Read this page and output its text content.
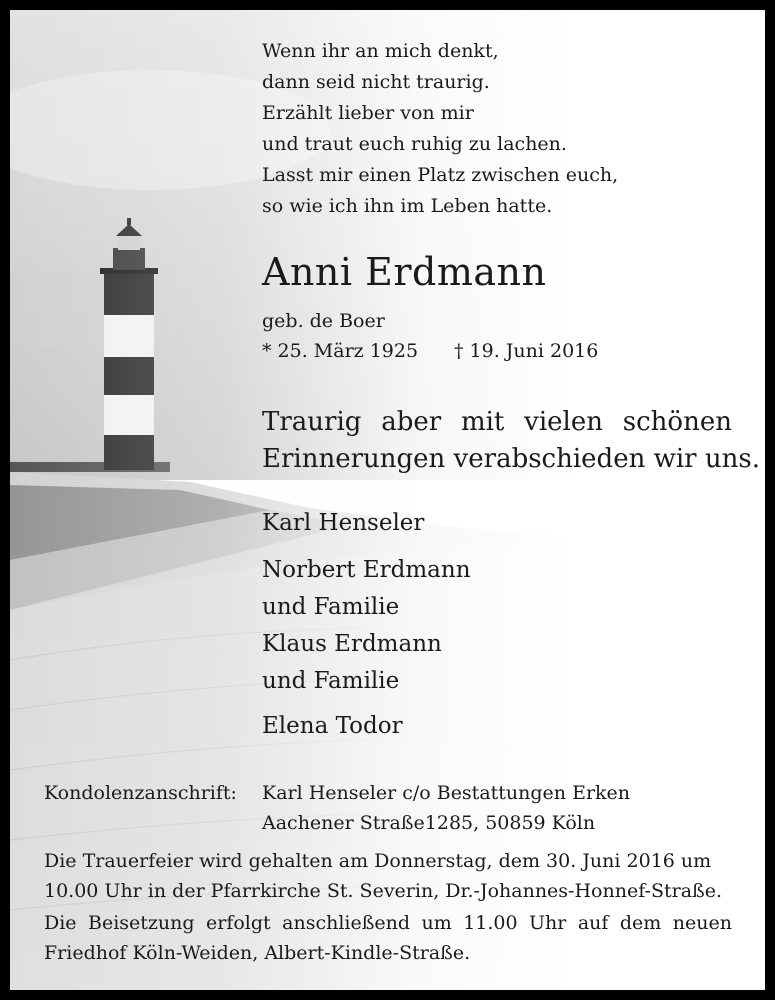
Wenn ihr an mich denkt,
dann seid nicht traurig.
Erzählt lieber von mir
und traut euch ruhig zu lachen.
Lasst mir einen Platz zwischen euch,
so wie ich ihn im Leben hatte.
Anni Erdmann
geb. de Boer
* 25. März 1925 † 19. Juni 2016
Traurig aber mit vielen schönen
Erinnerungen verabschieden wir uns.
Karl Henseler
Norbert Erdmann
und Familie
Klaus Erdmann
und Familie
Elena Todor
Kondolenzanschrift: Karl Henseler c/o Bestattungen Erken
Aachener Straße1285, 50859 Köln
Die Trauerfeier wird gehalten am Donnerstag, dem 30. Juni 2016 um
10.00 Uhr in der Pfarrkirche St. Severin, Dr.-Johannes-Honnef-Straße.
Die Beisetzung erfolgt anschließend um 11.00 Uhr auf dem neuen
Friedhof Köln-Weiden, Albert-Kindle-Straße.
